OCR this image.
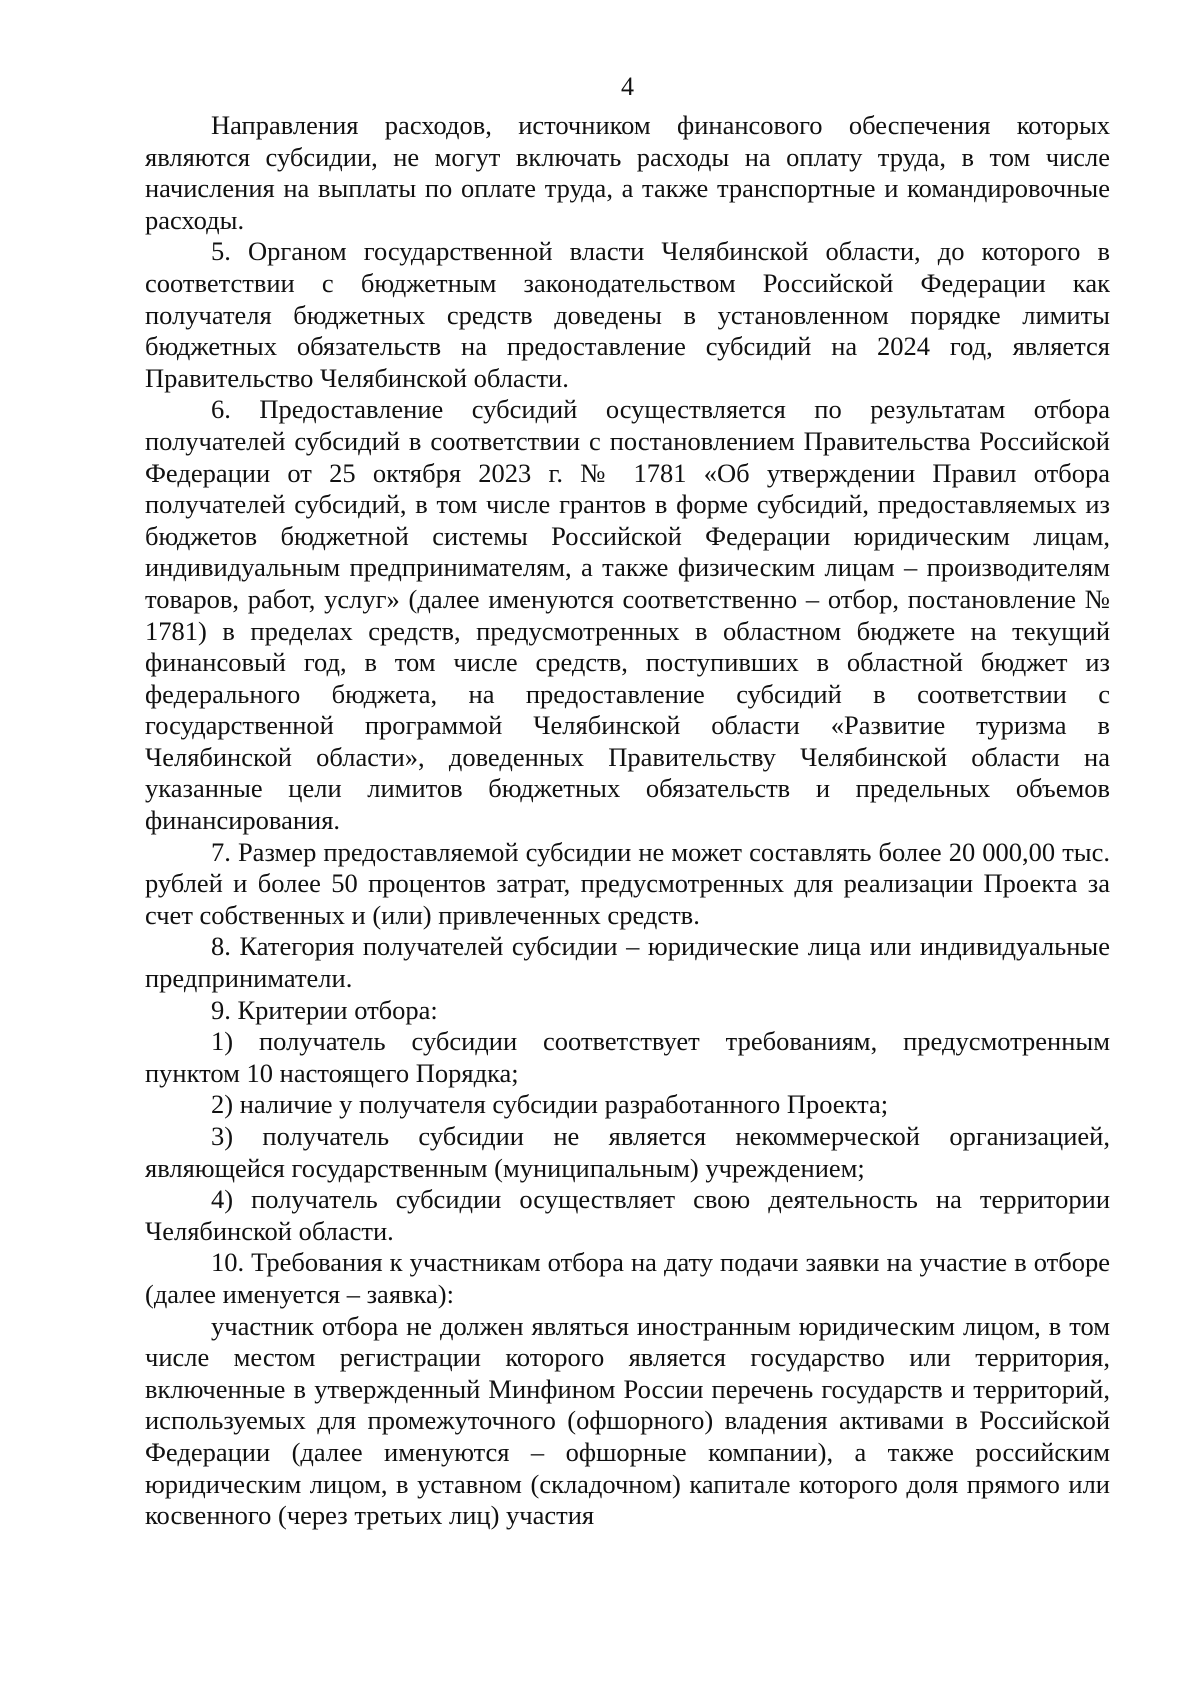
4

Направления расходов, источником финансового обеспечения которых являются субсидии, не могут включать расходы на оплату труда, в том числе начисления на выплаты по оплате труда, а также транспортные и командировочные расходы.

5. Органом государственной власти Челябинской области, до которого в соответствии с бюджетным законодательством Российской Федерации как получателя бюджетных средств доведены в установленном порядке лимиты бюджетных обязательств на предоставление субсидий на 2024 год, является Правительство Челябинской области.

6. Предоставление субсидий осуществляется по результатам отбора получателей субсидий в соответствии с постановлением Правительства Российской Федерации от 25 октября 2023 г. № 1781 «Об утверждении Правил отбора получателей субсидий, в том числе грантов в форме субсидий, предоставляемых из бюджетов бюджетной системы Российской Федерации юридическим лицам, индивидуальным предпринимателям, а также физическим лицам – производителям товаров, работ, услуг» (далее именуются соответственно – отбор, постановление № 1781) в пределах средств, предусмотренных в областном бюджете на текущий финансовый год, в том числе средств, поступивших в областной бюджет из федерального бюджета, на предоставление субсидий в соответствии с государственной программой Челябинской области «Развитие туризма в Челябинской области», доведенных Правительству Челябинской области на указанные цели лимитов бюджетных обязательств и предельных объемов финансирования.

7. Размер предоставляемой субсидии не может составлять более 20 000,00 тыс. рублей и более 50 процентов затрат, предусмотренных для реализации Проекта за счет собственных и (или) привлеченных средств.

8. Категория получателей субсидии – юридические лица или индивидуальные предприниматели.

9. Критерии отбора:

1) получатель субсидии соответствует требованиям, предусмотренным пунктом 10 настоящего Порядка;

2) наличие у получателя субсидии разработанного Проекта;

3) получатель субсидии не является некоммерческой организацией, являющейся государственным (муниципальным) учреждением;

4) получатель субсидии осуществляет свою деятельность на территории Челябинской области.

10. Требования к участникам отбора на дату подачи заявки на участие в отборе (далее именуется – заявка):

участник отбора не должен являться иностранным юридическим лицом, в том числе местом регистрации которого является государство или территория, включенные в утвержденный Минфином России перечень государств и территорий, используемых для промежуточного (офшорного) владения активами в Российской Федерации (далее именуются – офшорные компании), а также российским юридическим лицом, в уставном (складочном) капитале которого доля прямого или косвенного (через третьих лиц) участия
